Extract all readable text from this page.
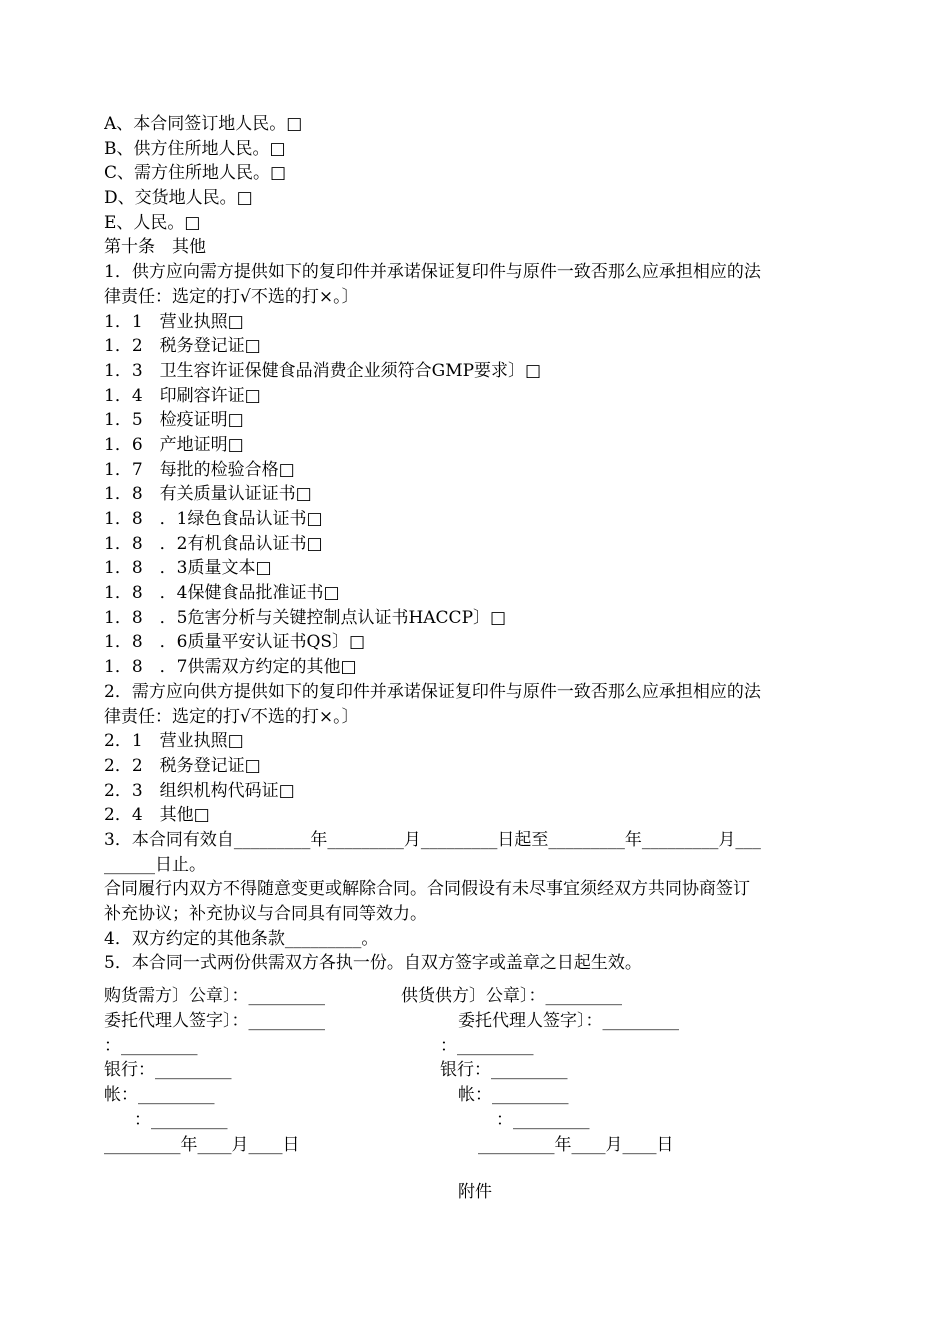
A、本合同签订地人民。□
B、供方住所地人民。□
C、需方住所地人民。□
D、交货地人民。□
E、人民。□
第十条　其他
1．供方应向需方提供如下的复印件并承诺保证复印件与原件一致否那么应承担相应的法
律责任：选定的打√不选的打×。〕
1．1　营业执照□
1．2　税务登记证□
1．3　卫生容许证保健食品消费企业须符合GMP要求〕□
1．4　印刷容许证□
1．5　检疫证明□
1．6　产地证明□
1．7　每批的检验合格□
1．8　有关质量认证证书□
1．8　．1绿色食品认证书□
1．8　．2有机食品认证书□
1．8　．3质量文本□
1．8　．4保健食品批准证书□
1．8　．5危害分析与关键控制点认证书HACCP〕□
1．8　．6质量平安认证书QS〕□
1．8　．7供需双方约定的其他□
2．需方应向供方提供如下的复印件并承诺保证复印件与原件一致否那么应承担相应的法
律责任：选定的打√不选的打×。〕
2．1　营业执照□
2．2　税务登记证□
2．3　组织机构代码证□
2．4　其他□
3．本合同有效自_________年_________月_________日起至_________年_________月___
______日止。
合同履行内双方不得随意变更或解除合同。合同假设有未尽事宜须经双方共同协商签订
补充协议；补充协议与合同具有同等效力。
4．双方约定的其他条款_________。
5．本合同一式两份供需双方各执一份。自双方签字或盖章之日起生效。
购货需方〕公章〕：_________	供货供方〕公章〕：_________
委托代理人签字〕：_________	委托代理人签字〕：_________
：_________	：_________
银行：_________	银行：_________
帐：_________	帐：_________
：_________	：_________
_________年____月____日	_________年____月____日
附件
